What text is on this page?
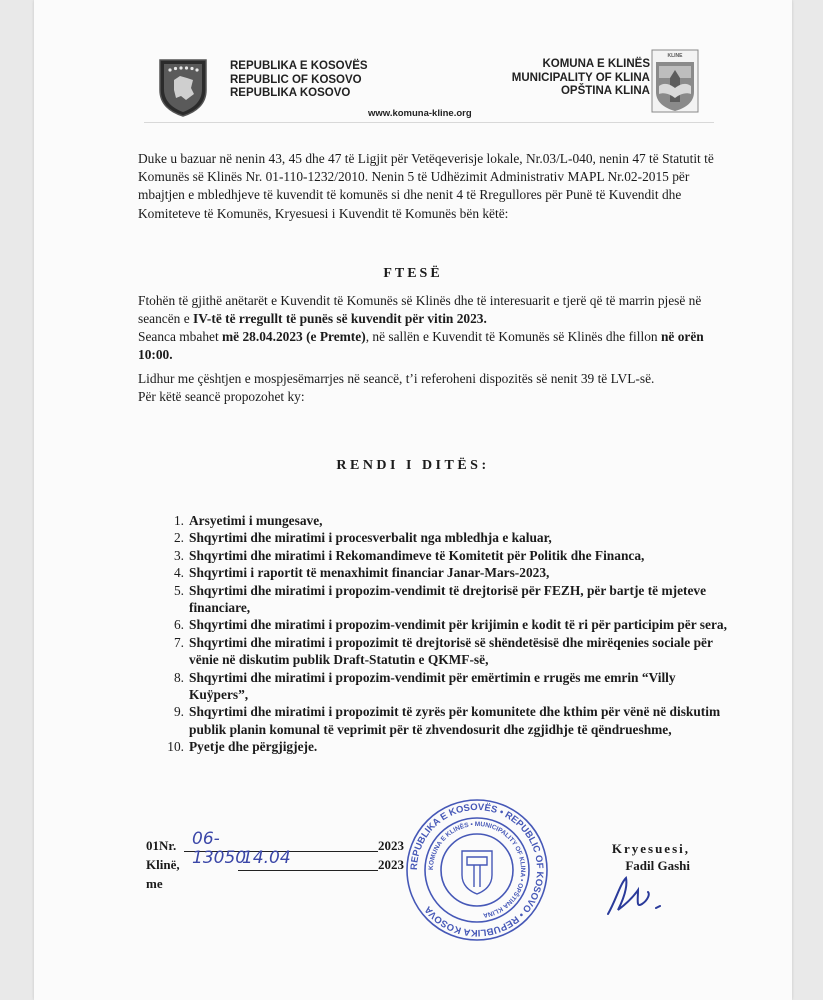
REPUBLIKA E KOSOVËS
REPUBLIC OF KOSOVO
REPUBLIKA KOSOVO
KOMUNA E KLINËS
MUNICIPALITY OF KLINA
OPŠTINA KLINA
KLINE
www.komuna-kline.org
Duke u bazuar në nenin 43, 45 dhe 47 të Ligjit për Vetëqeverisje lokale, Nr.03/L-040, nenin 47 të Statutit të Komunës së Klinës Nr. 01-110-1232/2010. Nenin 5 të Udhëzimit Administrativ MAPL Nr.02-2015 për mbajtjen e mbledhjeve të kuvendit të komunës si dhe nenit 4 të Rregullores për Punë të Kuvendit dhe Komiteteve të Komunës, Kryesuesi i Kuvendit të Komunës bën këtë:
FTESË
Ftohën të gjithë anëtarët e Kuvendit të Komunës së Klinës dhe të interesuarit e tjerë që të marrin pjesë në seancën e IV-të të rregullt të punës së kuvendit për vitin 2023.
Seanca mbahet më 28.04.2023 (e Premte), në sallën e Kuvendit të Komunës së Klinës dhe fillon në orën 10:00.
Lidhur me çështjen e mospjesëmarrjes në seancë, t’i referoheni dispozitës së nenit 39 të LVL-së.
Për këtë seancë propozohet ky:
RENDI I DITËS:
1. Arsyetimi i mungesave,
2. Shqyrtimi dhe miratimi i procesverbalit nga mbledhja e kaluar,
3. Shqyrtimi dhe miratimi i Rekomandimeve të Komitetit për Politik dhe Financa,
4. Shqyrtimi i raportit të menaxhimit financiar Janar-Mars-2023,
5. Shqyrtimi dhe miratimi i propozim-vendimit të drejtorisë për FEZH, për bartje të mjeteve financiare,
6. Shqyrtimi dhe miratimi i propozim-vendimit për krijimin e kodit të ri për participim për sera,
7. Shqyrtimi dhe miratimi i propozimit të drejtorisë së shëndetësisë dhe mirëqenies sociale për vënie në diskutim publik Draft-Statutin e QKMF-së,
8. Shqyrtimi dhe miratimi i propozim-vendimit për emërtimin e rrugës me emrin “Villy Kuÿpers”,
9. Shqyrtimi dhe miratimi i propozimit të zyrës për komunitete dhe kthim për vënë në diskutim publik planin komunal të veprimit për të zhvendosurit dhe zgjidhje të qëndrueshme,
10. Pyetje dhe përgjigjeje.
01Nr. 06-13050
2023
Klinë, me
14.04	2023 REPUBLIKA E KOSOVËS • REPUBLIC OF KOSOVO • REPUBLIKA KOSOVA
KOMUNA E KLINËS • MUNICIPALITY OF KLINA • OPŠTINA KLINA
Kryesuesi,
Fadil Gashi
